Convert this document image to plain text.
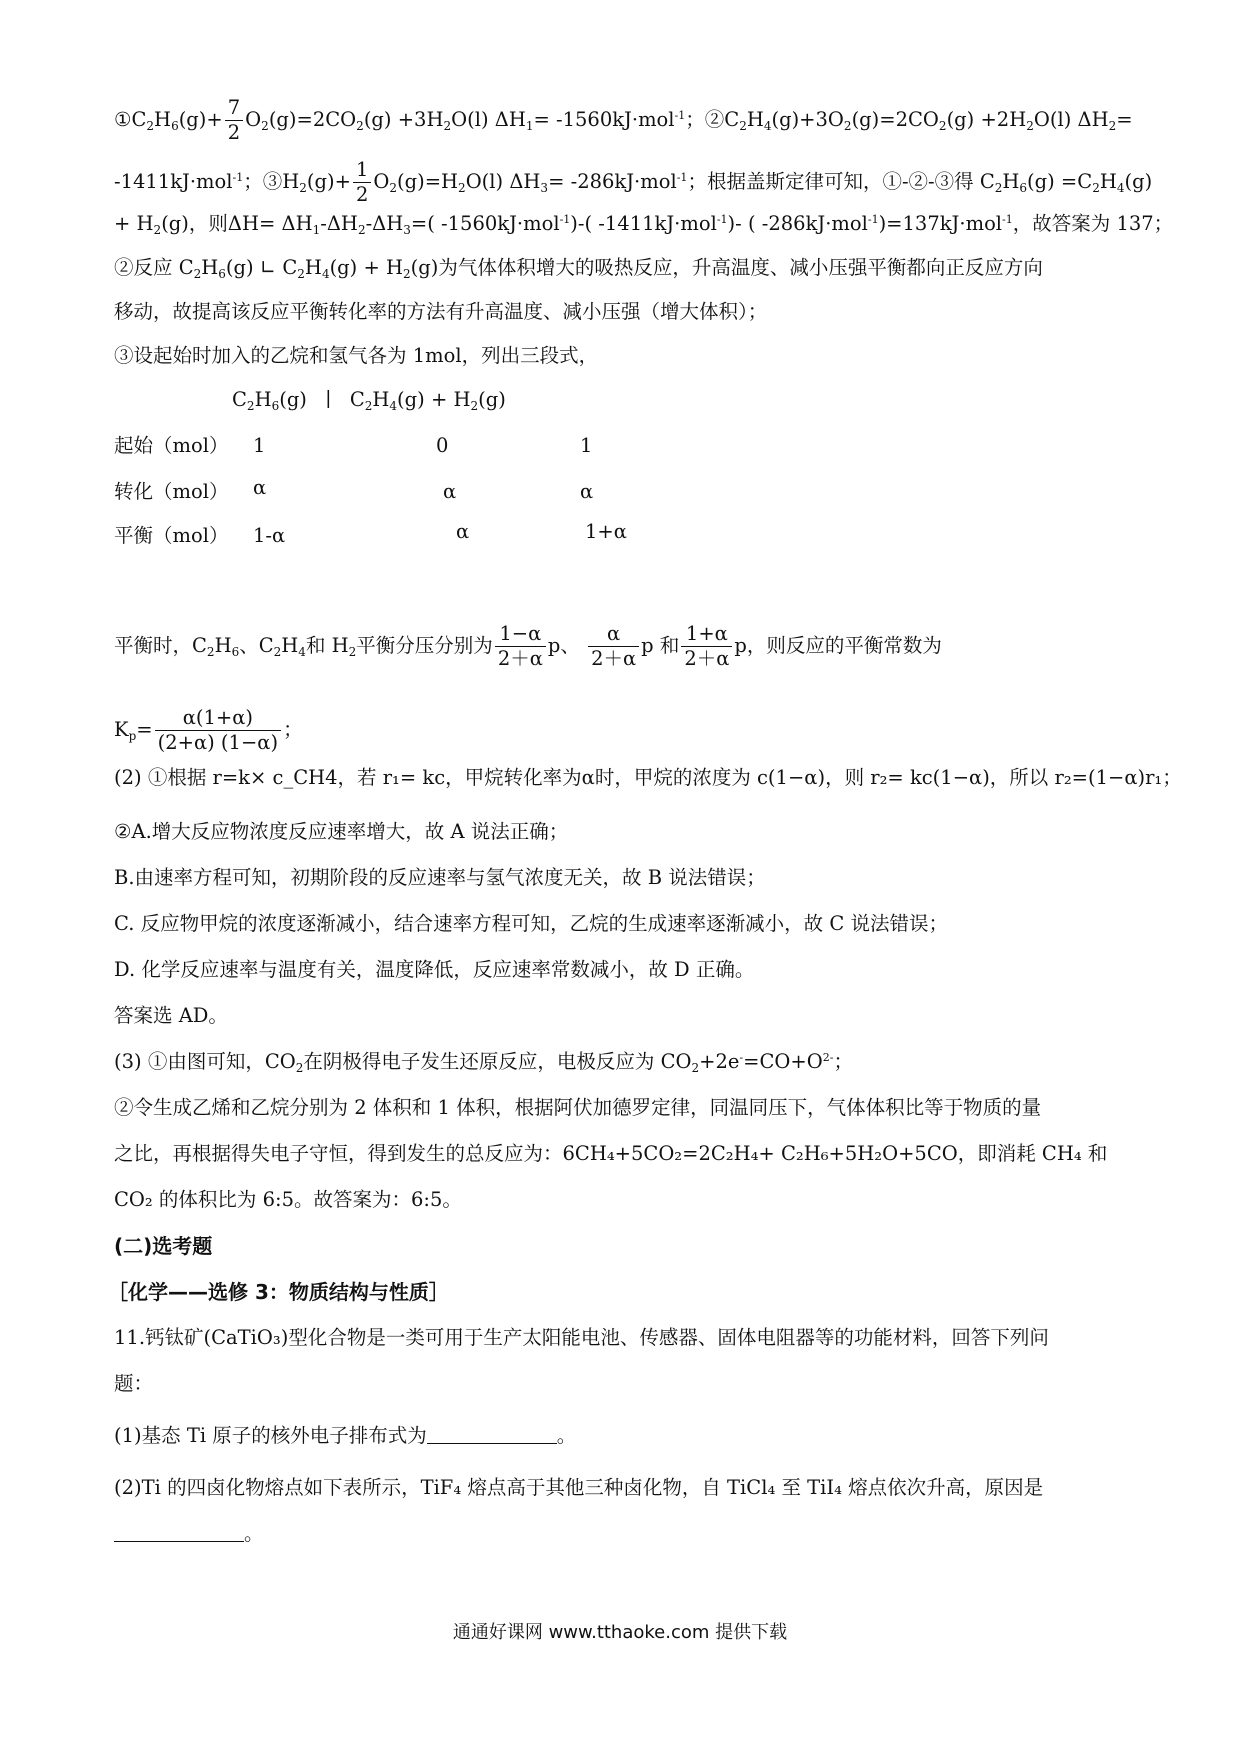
$①C_2H_6(g)+ \frac{7}{2} O_2(g)=2CO_2(g) +3H_2O(l)$ $\Delta H_1= -1560kJ\cdot mol^{-1}$；$②C_2H_4(g)+3O_2(g)=2CO_2(g) +2H_2O(l)$ $\Delta H_2=$
-1411kJ·mol$^{-1}$；$③H_2(g)+ \frac{1}{2} O_2(g)=H_2O(l)$ $\Delta H_3= -286kJ\cdot mol^{-1}$；根据盖斯定律可知，①-②-③得 $C_2H_6(g) =C_2H_4(g)$
+ $H_2(g)$，则$\Delta H= \Delta H_1-\Delta H_2-\Delta H_3=$( -1560kJ·mol$^{-1}$)-( -1411kJ·mol$^{-1}$)- ( -286kJ·mol$^{-1}$)=137kJ·mol$^{-1}$，故答案为 137；
②反应 $C_2H_6(g)$ ∟ $C_2H_4(g) + H_2(g)$为气体体积增大的吸热反应，升高温度、减小压强平衡都向正反应方向
移动，故提高该反应平衡转化率的方法有升高温度、减小压强（增大体积）；
③设起始时加入的乙烷和氢气各为 1mol，列出三段式，
$C_2H_6(g)$ ∣ $C_2H_4(g) + H_2(g)$
起始（mol） 1	0	1
转化（mol） α	α	α
平衡（mol） 1-α	α	1+α
平衡时，$C_2H_6$、$C_2H_4$和 $H_2$平衡分压分别为 $\frac{1-\alpha}{2+\alpha}$ p、 $\frac{\alpha}{2+\alpha}$ p 和 $\frac{1+\alpha}{2+\alpha}$ p，则反应的平衡常数为
$K_p= \frac{\alpha(1+\alpha)}{(2+\alpha) (1-\alpha)}$ ；
(2) ①根据 r=k× c_CH4，若 r₁= kc，甲烷转化率为α时，甲烷的浓度为 c(1−α)，则 r₂= kc(1−α)，所以 r₂=(1−α)r₁；
②A.增大反应物浓度反应速率增大，故 A 说法正确；
B.由速率方程可知，初期阶段的反应速率与氢气浓度无关，故 B 说法错误；
C. 反应物甲烷的浓度逐渐减小，结合速率方程可知，乙烷的生成速率逐渐减小，故 C 说法错误；
D. 化学反应速率与温度有关，温度降低，反应速率常数减小，故 D 正确。
答案选 AD。
(3) ①由图可知，$CO_2$在阴极得电子发生还原反应，电极反应为 $CO_2+2e^-=CO+O^{2-}$；
②令生成乙烯和乙烷分别为 2 体积和 1 体积，根据阿伏加德罗定律，同温同压下，气体体积比等于物质的量
之比，再根据得失电子守恒，得到发生的总反应为：6CH₄+5CO₂=2C₂H₄+ C₂H₆+5H₂O+5CO，即消耗 CH₄ 和
CO₂ 的体积比为 6:5。故答案为：6:5。
(二)选考题
［化学——选修 3：物质结构与性质］
11.钙钛矿(CaTiO₃)型化合物是一类可用于生产太阳能电池、传感器、固体电阻器等的功能材料，回答下列问
题：
(1)基态 Ti 原子的核外电子排布式为	。
(2)Ti 的四卤化物熔点如下表所示，TiF₄ 熔点高于其他三种卤化物，自 TiCl₄ 至 TiI₄ 熔点依次升高，原因是
。
通通好课网 www.tthaoke.com 提供下载
